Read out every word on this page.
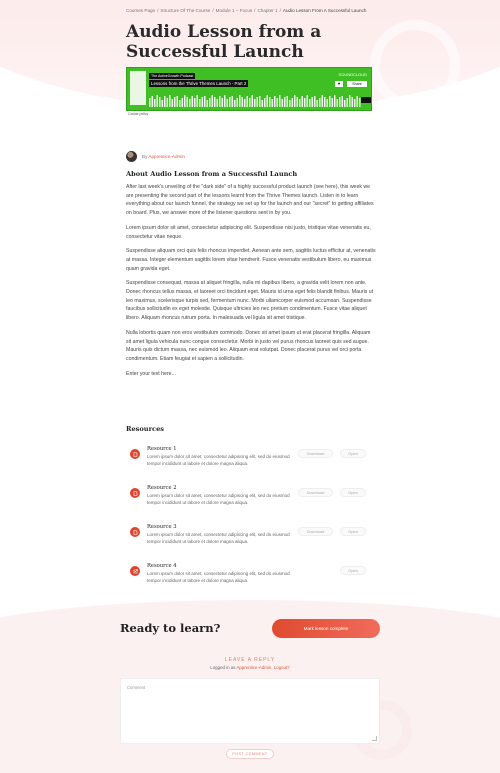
Courses Page / Structure Of The Course / Module 1 – Focus / Chapter 1 / Audio Lesson From A Successful Launch
Audio Lesson from a Successful Launch
The ActiveGrowth Podcast
Lessons from the Thrive Themes Launch - Part 2
SOUNDCLOUD
♥	Share
Cookie policy
By Apprentice-Admin
About Audio Lesson from a Successful Launch

After last week's unveiling of the "dark side" of a highly successful product launch (see here), this week we are presenting the second part of the lessons learnt from the Thrive Themes launch. Listen in to learn everything about our launch funnel, the strategy we set up for the launch and our "secret" to getting affiliates on board. Plus, we answer more of the listener questions sent in by you.

Lorem ipsum dolor sit amet, consectetur adipiscing elit. Suspendisse nisi justo, tristique vitae venenatis eu, consectetur vitae neque.

Suspendisse aliquam orci quis felis rhoncus imperdiet. Aenean ante sem, sagittis luctus efficitur at, venenatis at massa. Integer elementum sagittis lorem vitae hendrerit. Fusce venenatis vestibulum libero, eu maximus quam gravida eget.

Suspendisse consequat, massa at aliquet fringilla, nulla mi dapibus libero, a gravida velit lorem non ante. Donec rhoncus tellus massa, et laoreet orci tincidunt eget. Mauris id urna eget felis blandit finibus. Mauris ut leo maximus, scelerisque turpis sed, fermentum nunc. Morbi ullamcorper euismod accumsan. Suspendisse faucibus sollicitudin ex eget molestie. Quisque ultricies leo nec pretium condimentum. Fusce vitae aliquet libero. Aliquam rhoncus rutrum porta. In malesuada vel ligula sit amet tristique.

Nulla lobortis quam non eros vestibulum commodo. Donec sit amet ipsum ut erat placerat fringilla. Aliquam sit amet ligula vehicula nunc congue consectetur. Morbi in justo vel purus rhoncus laoreet quis sed augue. Mauris quis dictum massa, nec euismod leo. Aliquam erat volutpat. Donec placerat purus vel orci porta condimentum. Etiam feugiat et sapien a sollicitudin.

Enter your text here...

Resources
Resource 1
Lorem ipsum dolor sit amet, consectetur adipiscing elit, sed do eiusmod tempor incididunt ut labore et dolore magna aliqua.
Download	Open
Resource 2
Lorem ipsum dolor sit amet, consectetur adipiscing elit, sed do eiusmod tempor incididunt ut labore et dolore magna aliqua.
Download	Open
Resource 3
Lorem ipsum dolor sit amet, consectetur adipiscing elit, sed do eiusmod tempor incididunt ut labore et dolore magna aliqua.
Download	Open
Resource 4
Lorem ipsum dolor sit amet, consectetur adipiscing elit, sed do eiusmod tempor incididunt ut labore et dolore magna aliqua.
Open
Ready to learn?	Mark lesson complete
LEAVE A REPLY
Logged in as Apprentice-Admin. Logout?
Comment
POST COMMENT
